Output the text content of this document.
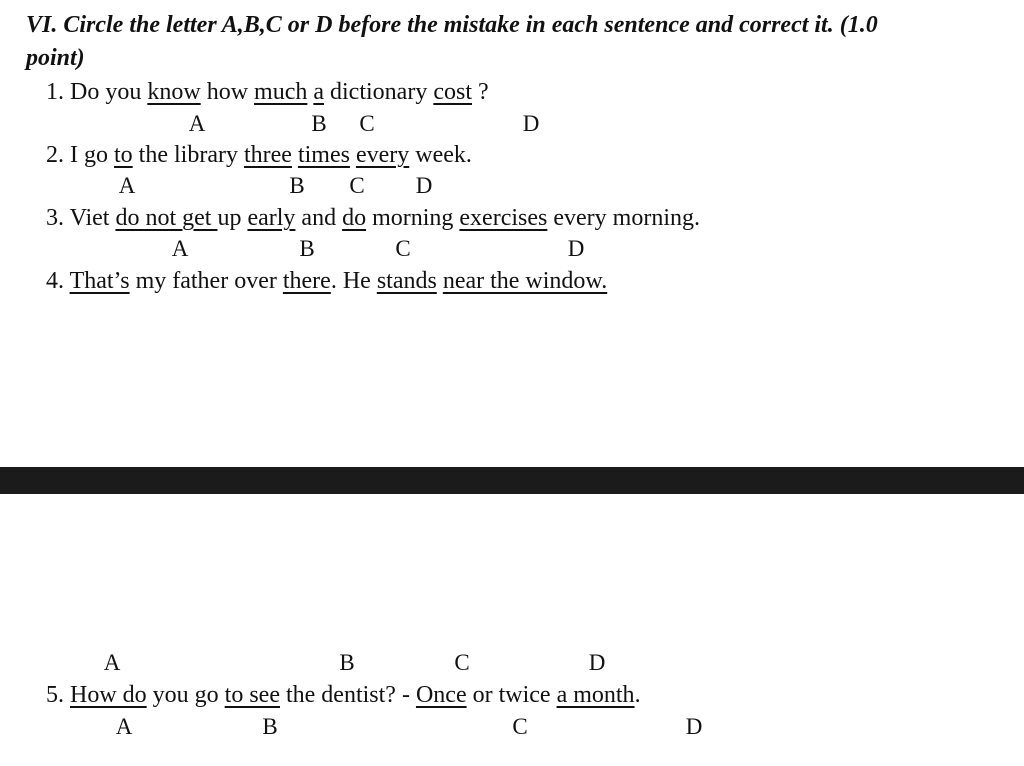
VI. Circle the letter A,B,C or D before the mistake in each sentence and correct it. (1.0
point)
1. Do you know how much a dictionary cost ?
A	B C	D
2. I go to the library three times every week.
A	B C D
3. Viet do not get up early and do morning exercises every morning.
A	B	C	D
4. That’s my father over there. He stands near the window.
A	B	C	D
5. How do you go to see the dentist? - Once or twice a month.
A	B	C	D
